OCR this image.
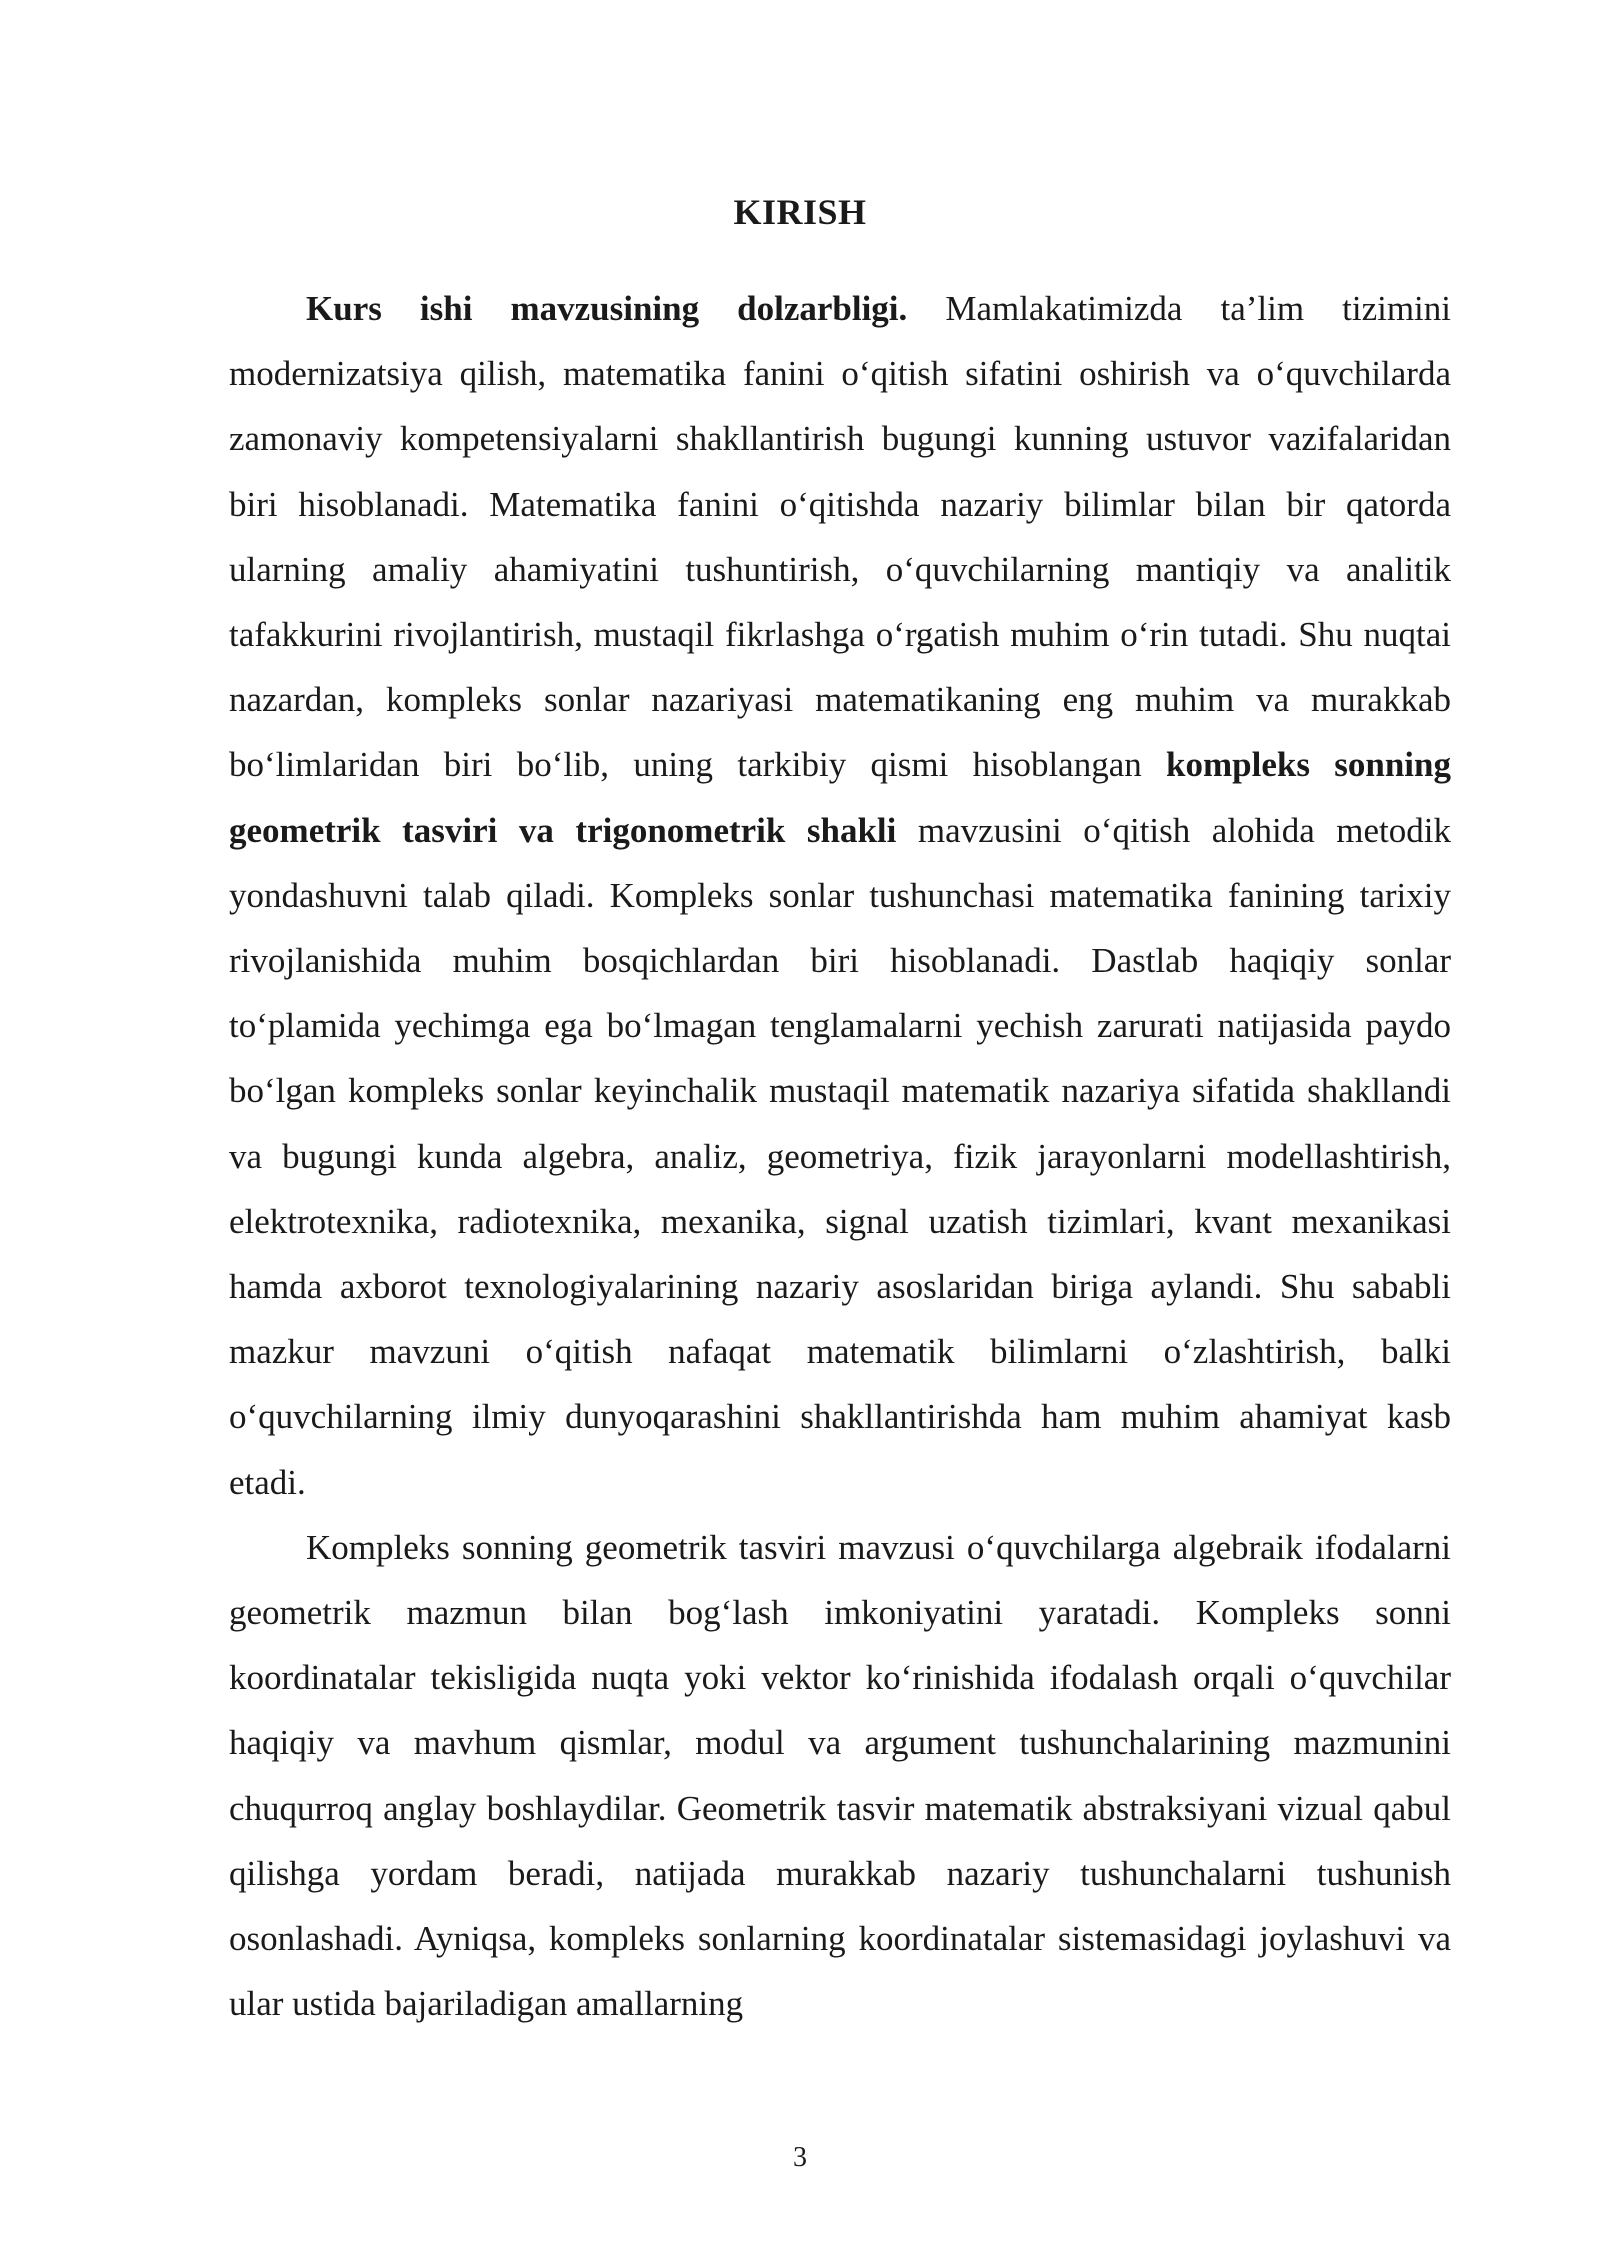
KIRISH

Kurs ishi mavzusining dolzarbligi. Mamlakatimizda ta’lim tizimini modernizatsiya qilish, matematika fanini o‘qitish sifatini oshirish va o‘quvchilarda zamonaviy kompetensiyalarni shakllantirish bugungi kunning ustuvor vazifalaridan biri hisoblanadi. Matematika fanini o‘qitishda nazariy bilimlar bilan bir qatorda ularning amaliy ahamiyatini tushuntirish, o‘quvchilarning mantiqiy va analitik tafakkurini rivojlantirish, mustaqil fikrlashga o‘rgatish muhim o‘rin tutadi. Shu nuqtai nazardan, kompleks sonlar nazariyasi matematikaning eng muhim va murakkab bo‘limlaridan biri bo‘lib, uning tarkibiy qismi hisoblangan kompleks sonning geometrik tasviri va trigonometrik shakli mavzusini o‘qitish alohida metodik yondashuvni talab qiladi. Kompleks sonlar tushunchasi matematika fanining tarixiy rivojlanishida muhim bosqichlardan biri hisoblanadi. Dastlab haqiqiy sonlar to‘plamida yechimga ega bo‘lmagan tenglamalarni yechish zarurati natijasida paydo bo‘lgan kompleks sonlar keyinchalik mustaqil matematik nazariya sifatida shakllandi va bugungi kunda algebra, analiz, geometriya, fizik jarayonlarni modellashtirish, elektrotexnika, radiotexnika, mexanika, signal uzatish tizimlari, kvant mexanikasi hamda axborot texnologiyalarining nazariy asoslaridan biriga aylandi. Shu sababli mazkur mavzuni o‘qitish nafaqat matematik bilimlarni o‘zlashtirish, balki o‘quvchilarning ilmiy dunyoqarashini shakllantirishda ham muhim ahamiyat kasb etadi.

Kompleks sonning geometrik tasviri mavzusi o‘quvchilarga algebraik ifodalarni geometrik mazmun bilan bog‘lash imkoniyatini yaratadi. Kompleks sonni koordinatalar tekisligida nuqta yoki vektor ko‘rinishida ifodalash orqali o‘quvchilar haqiqiy va mavhum qismlar, modul va argument tushunchalarining mazmunini chuqurroq anglay boshlaydilar. Geometrik tasvir matematik abstraksiyani vizual qabul qilishga yordam beradi, natijada murakkab nazariy tushunchalarni tushunish osonlashadi. Ayniqsa, kompleks sonlarning koordinatalar sistemasidagi joylashuvi va ular ustida bajariladigan amallarning

3
